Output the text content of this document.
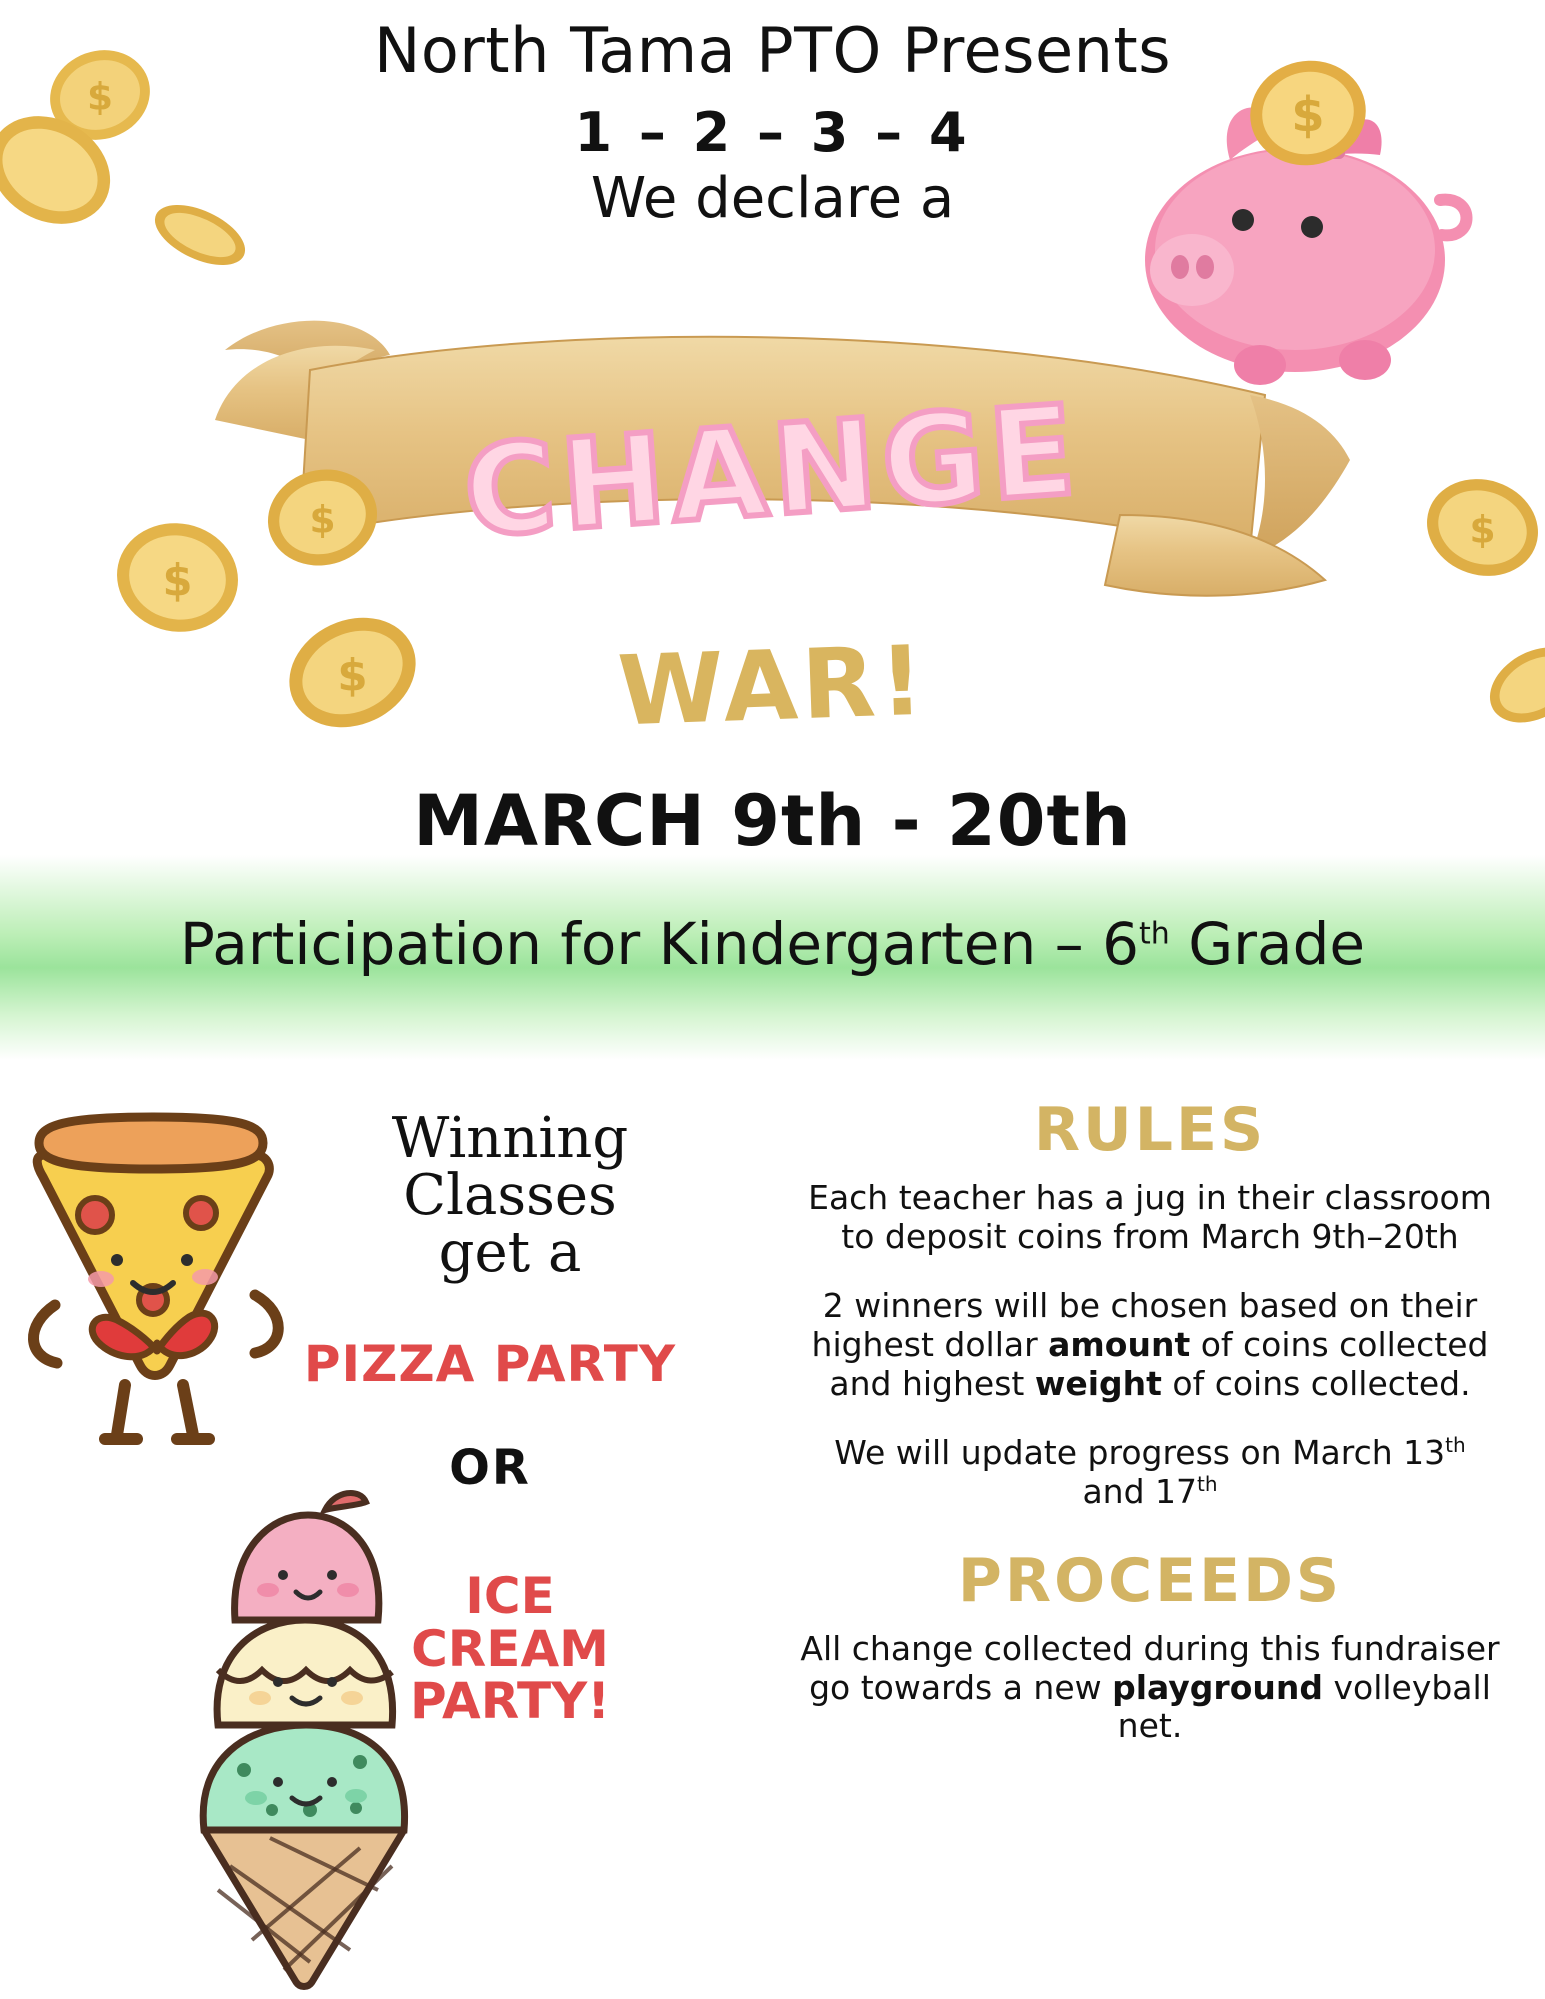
$
$
$
$
$
North Tama PTO Presents
1 – 2 – 3 – 4
We declare a
CHANGE
WAR!
$
MARCH 9th - 20th
Participation for Kindergarten – 6th Grade
Winning
Classes
get a
PIZZA PARTY
OR
ICE
CREAM
PARTY!
RULES

Each teacher has a jug in their classroom to deposit coins from March 9th–20th

2 winners will be chosen based on their highest dollar amount of coins collected and highest weight of coins collected.

We will update progress on March 13th and 17th

PROCEEDS

All change collected during this fundraiser go towards a new playground volleyball net.
